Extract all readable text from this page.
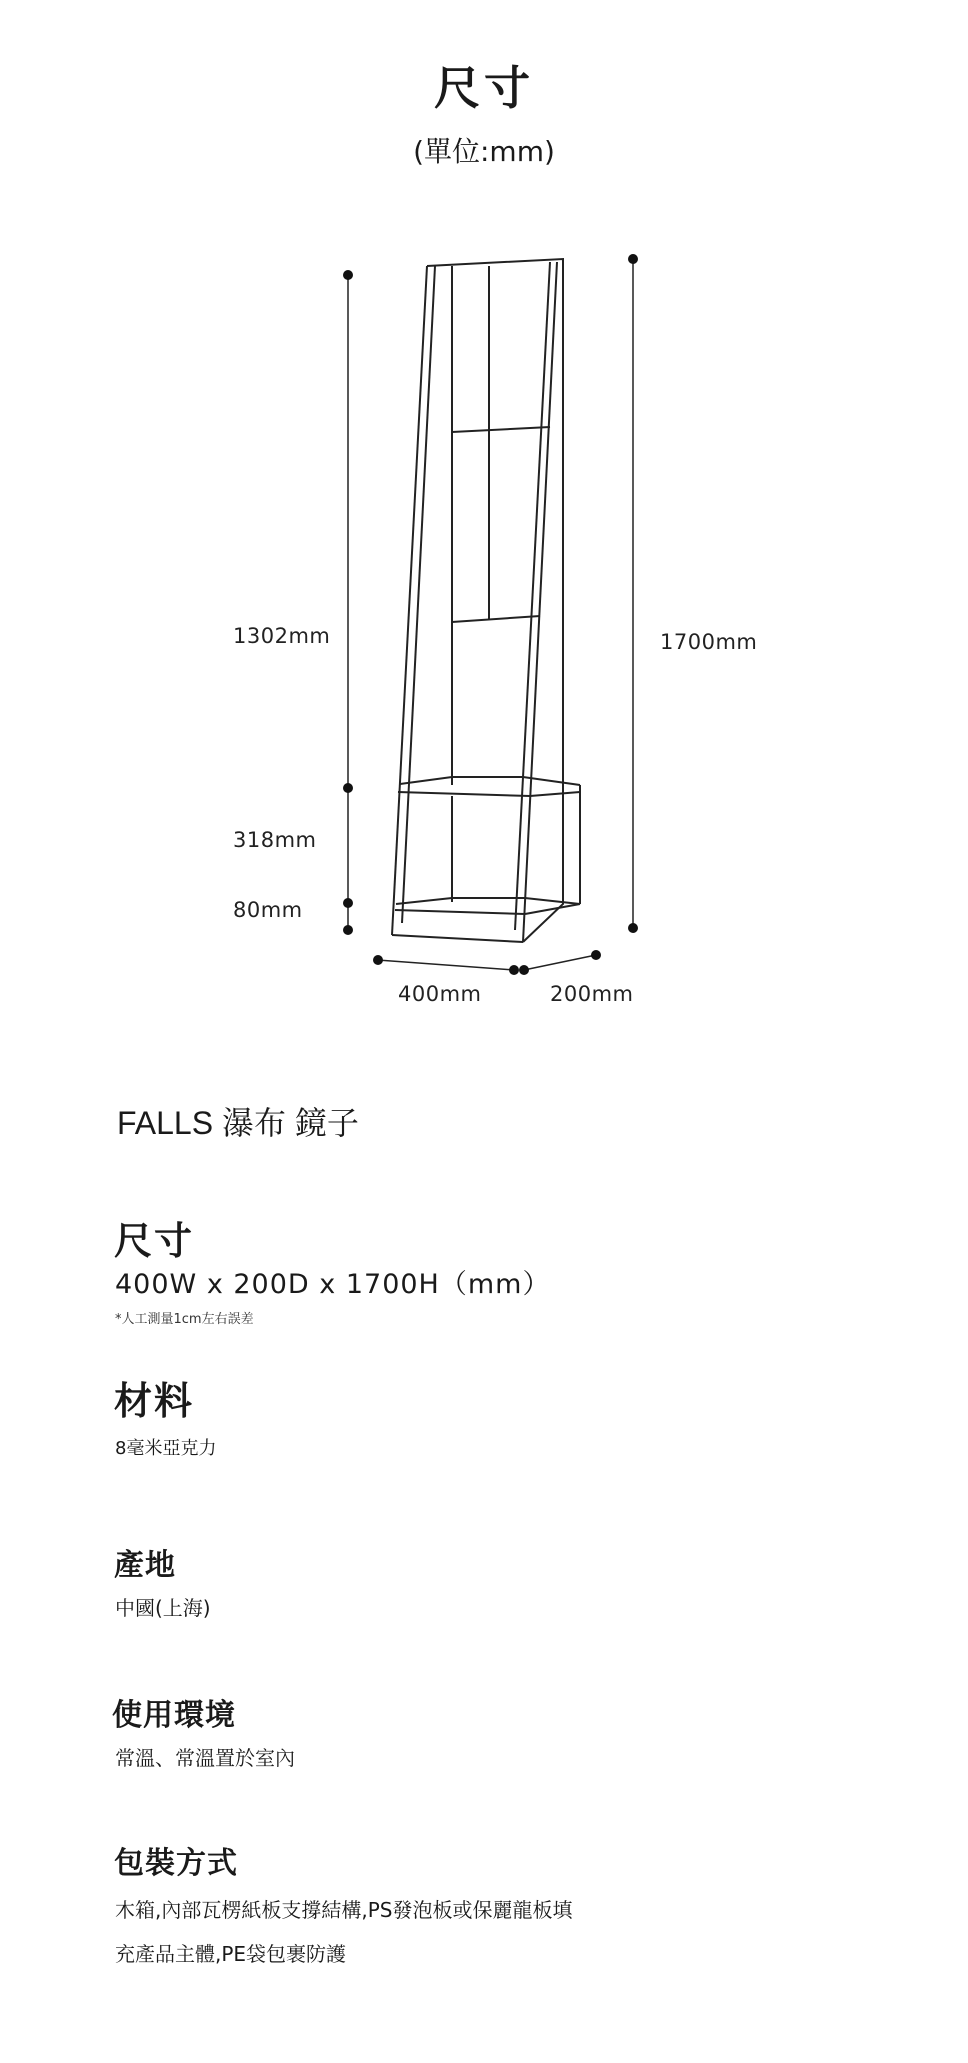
尺寸
(單位:mm)
1302mm	1700mm
318mm
80mm
400mm	200mm
FALLS 瀑布 鏡子
尺寸
400W x 200D x 1700H（mm）
*人工測量1cm左右誤差
材料
8毫米亞克力
產地
中國(上海)
使用環境
常溫、常溫置於室內
包裝方式
木箱,內部瓦楞紙板支撐結構,PS發泡板或保麗龍板填
充產品主體,PE袋包裹防護
